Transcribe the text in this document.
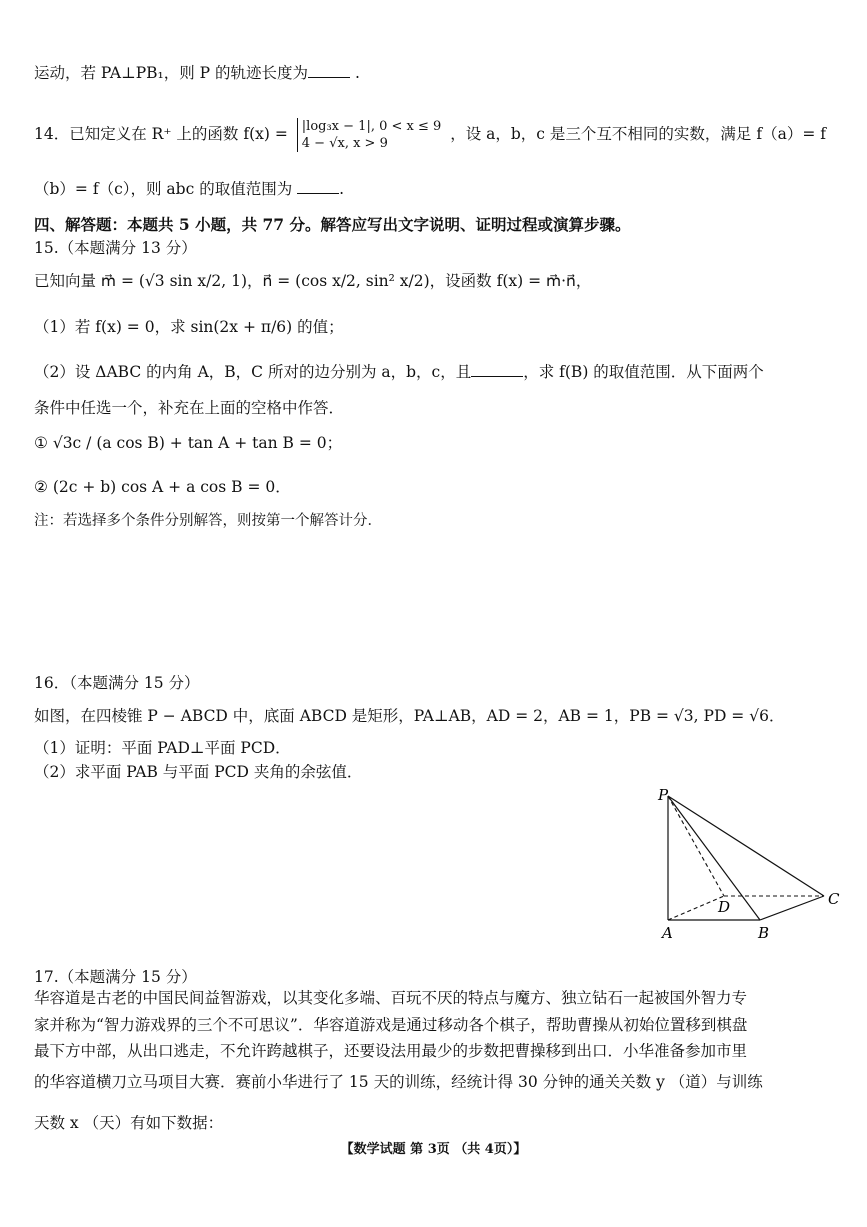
运动，若 PA⊥PB₁，则 P 的轨迹长度为	.
14．已知定义在 R⁺ 上的函数 f(x) = |log₃x − 1|, 0 < x ≤ 9
4 − √x, x > 9 ，设 a，b，c 是三个互不相同的实数，满足 f（a）= f
（b）= f（c），则 abc 的取值范围为	.
四、解答题：本题共 5 小题，共 77 分。解答应写出文字说明、证明过程或演算步骤。
15.（本题满分 13 分）
已知向量 m⃗ = (√3 sin x/2, 1)，n⃗ = (cos x/2, sin² x/2)，设函数 f(x) = m⃗·n⃗，
（1）若 f(x) = 0，求 sin(2x + π/6) 的值；
（2）设 ΔABC 的内角 A，B，C 所对的边分别为 a，b，c，且	，求 f(B) 的取值范围．从下面两个
条件中任选一个，补充在上面的空格中作答．
① √3c / (a cos B) + tan A + tan B = 0；
② (2c + b) cos A + a cos B = 0．
注：若选择多个条件分别解答，则按第一个解答计分．
16．（本题满分 15 分）
如图，在四棱锥 P − ABCD 中，底面 ABCD 是矩形，PA⊥AB，AD = 2，AB = 1，PB = √3, PD = √6．
（1）证明：平面 PAD⊥平面 PCD．
（2）求平面 PAB 与平面 PCD 夹角的余弦值．
P
A	B
C
D
17.（本题满分 15 分）
华容道是古老的中国民间益智游戏，以其变化多端、百玩不厌的特点与魔方、独立钻石一起被国外智力专
家并称为“智力游戏界的三个不可思议”．华容道游戏是通过移动各个棋子，帮助曹操从初始位置移到棋盘
最下方中部，从出口逃走，不允许跨越棋子，还要设法用最少的步数把曹操移到出口．小华准备参加市里
的华容道横刀立马项目大赛．赛前小华进行了 15 天的训练，经统计得 30 分钟的通关关数 y （道）与训练
天数 x （天）有如下数据：
【数学试题 第 3页 （共 4页）】
